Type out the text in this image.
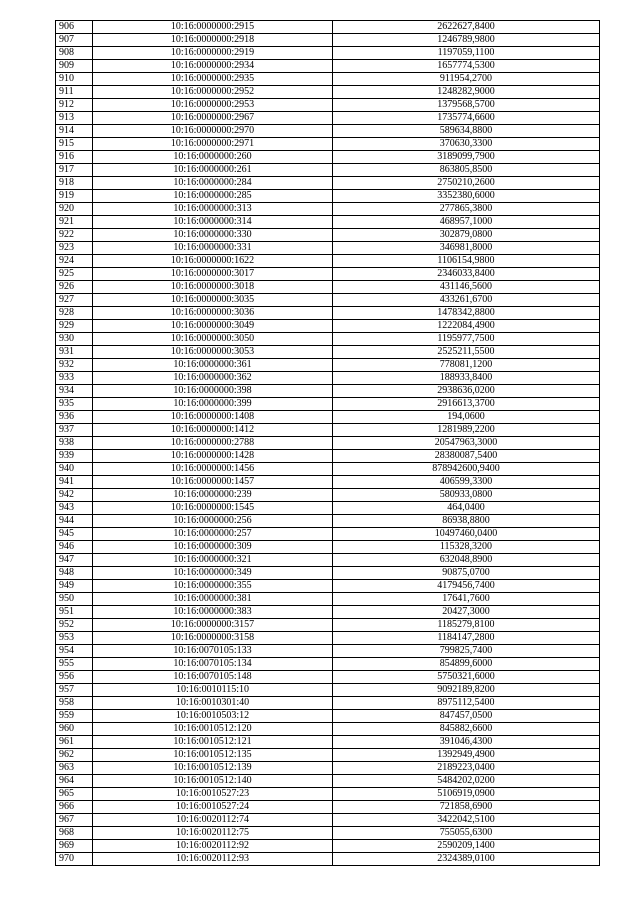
906	10:16:0000000:2915	2622627,8400
907	10:16:0000000:2918	1246789,9800
908	10:16:0000000:2919	1197059,1100
909	10:16:0000000:2934	1657774,5300
910	10:16:0000000:2935	911954,2700
911	10:16:0000000:2952	1248282,9000
912	10:16:0000000:2953	1379568,5700
913	10:16:0000000:2967	1735774,6600
914	10:16:0000000:2970	589634,8800
915	10:16:0000000:2971	370630,3300
916	10:16:0000000:260	3189099,7900
917	10:16:0000000:261	863805,8500
918	10:16:0000000:284	2750210,2600
919	10:16:0000000:285	3352380,6000
920	10:16:0000000:313	277865,3800
921	10:16:0000000:314	468957,1000
922	10:16:0000000:330	302879,0800
923	10:16:0000000:331	346981,8000
924	10:16:0000000:1622	1106154,9800
925	10:16:0000000:3017	2346033,8400
926	10:16:0000000:3018	431146,5600
927	10:16:0000000:3035	433261,6700
928	10:16:0000000:3036	1478342,8800
929	10:16:0000000:3049	1222084,4900
930	10:16:0000000:3050	1195977,7500
931	10:16:0000000:3053	2525211,5500
932	10:16:0000000:361	778081,1200
933	10:16:0000000:362	188933,8400
934	10:16:0000000:398	2938636,0200
935	10:16:0000000:399	2916613,3700
936	10:16:0000000:1408	194,0600
937	10:16:0000000:1412	1281989,2200
938	10:16:0000000:2788	20547963,3000
939	10:16:0000000:1428	28380087,5400
940	10:16:0000000:1456	878942600,9400
941	10:16:0000000:1457	406599,3300
942	10:16:0000000:239	580933,0800
943	10:16:0000000:1545	464,0400
944	10:16:0000000:256	86938,8800
945	10:16:0000000:257	10497460,0400
946	10:16:0000000:309	115328,3200
947	10:16:0000000:321	632048,8900
948	10:16:0000000:349	90875,0700
949	10:16:0000000:355	4179456,7400
950	10:16:0000000:381	17641,7600
951	10:16:0000000:383	20427,3000
952	10:16:0000000:3157	1185279,8100
953	10:16:0000000:3158	1184147,2800
954	10:16:0070105:133	799825,7400
955	10:16:0070105:134	854899,6000
956	10:16:0070105:148	5750321,6000
957	10:16:0010115:10	9092189,8200
958	10:16:0010301:40	8975112,5400
959	10:16:0010503:12	847457,0500
960	10:16:0010512:120	845882,6600
961	10:16:0010512:121	391046,4300
962	10:16:0010512:135	1392949,4900
963	10:16:0010512:139	2189223,0400
964	10:16:0010512:140	5484202,0200
965	10:16:0010527:23	5106919,0900
966	10:16:0010527:24	721858,6900
967	10:16:0020112:74	3422042,5100
968	10:16:0020112:75	755055,6300
969	10:16:0020112:92	2590209,1400
970	10:16:0020112:93	2324389,0100
